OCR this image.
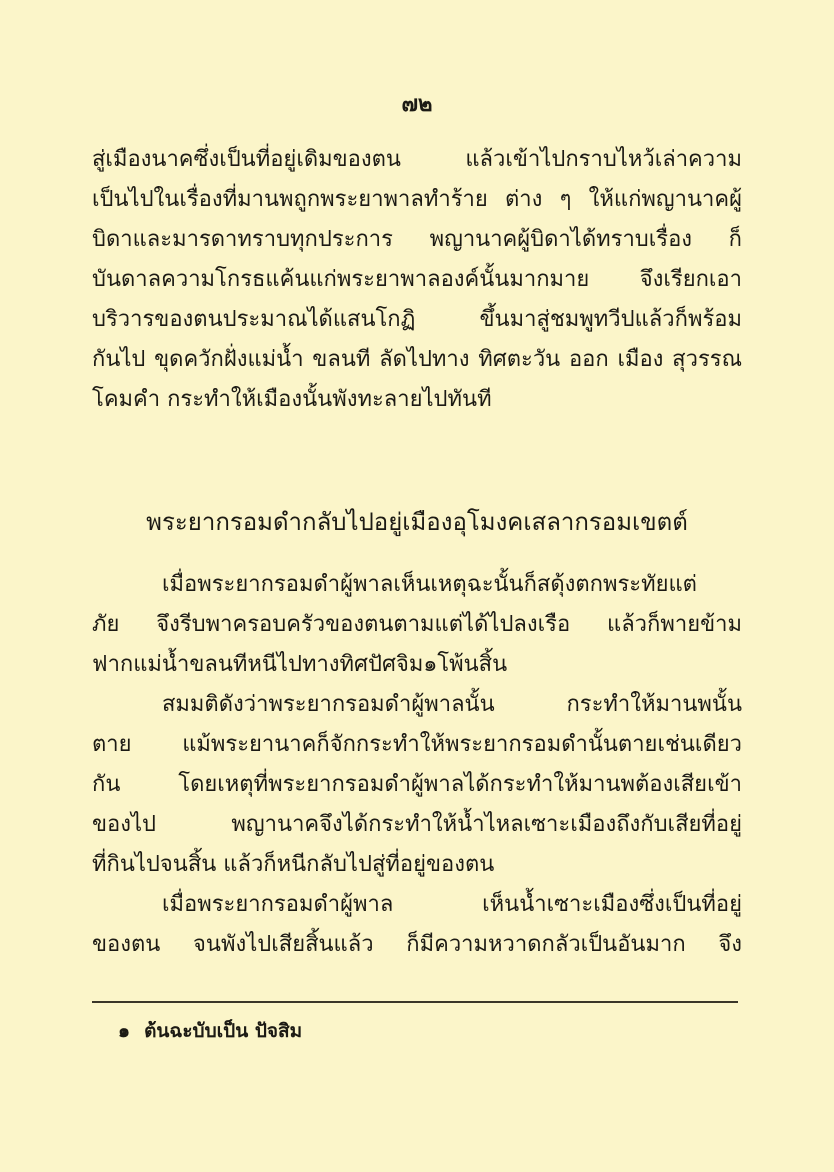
๗๒
สู่เมืองนาคซึ่งเป็นที่อยู่เดิมของตน แล้วเข้าไปกราบไหว้เล่าความ
เป็นไปในเรื่องที่มานพถูกพระยาพาลทำร้าย ต่าง ๆ ให้แก่พญานาคผู้
บิดาและมารดาทราบทุกประการ พญานาคผู้บิดาได้ทราบเรื่อง ก็
บันดาลความโกรธแค้นแก่พระยาพาลองค์นั้นมากมาย จึงเรียกเอา
บริวารของตนประมาณได้แสนโกฏิ ขึ้นมาสู่ชมพูทวีปแล้วก็พร้อม
กันไป ขุดควักฝั่งแม่น้ำ ขลนที ลัดไปทาง ทิศตะวัน ออก เมือง สุวรรณ
โคมคำ กระทำให้เมืองนั้นพังทะลายไปทันที
พระยากรอมดำกลับไปอยู่เมืองอุโมงคเสลากรอมเขตต์
เมื่อพระยากรอมดำผู้พาลเห็นเหตุฉะนั้นก็สดุ้งตกพระทัยแต่
ภัย จึงรีบพาครอบครัวของตนตามแต่ได้ไปลงเรือ แล้วก็พายข้าม
ฟากแม่น้ำขลนทีหนีไปทางทิศปัศจิม๑โพ้นสิ้น
สมมติดังว่าพระยากรอมดำผู้พาลนั้น กระทำให้มานพนั้น
ตาย แม้พระยานาคก็จักกระทำให้พระยากรอมดำนั้นตายเช่นเดียว
กัน โดยเหตุที่พระยากรอมดำผู้พาลได้กระทำให้มานพต้องเสียเข้า
ของไป พญานาคจึงได้กระทำให้น้ำไหลเซาะเมืองถึงกับเสียที่อยู่
ที่กินไปจนสิ้น แล้วก็หนีกลับไปสู่ที่อยู่ของตน
เมื่อพระยากรอมดำผู้พาล เห็นน้ำเซาะเมืองซึ่งเป็นที่อยู่
ของตน จนพังไปเสียสิ้นแล้ว ก็มีความหวาดกลัวเป็นอันมาก จึง
๑ ต้นฉะบับเป็น ปัจสิม
